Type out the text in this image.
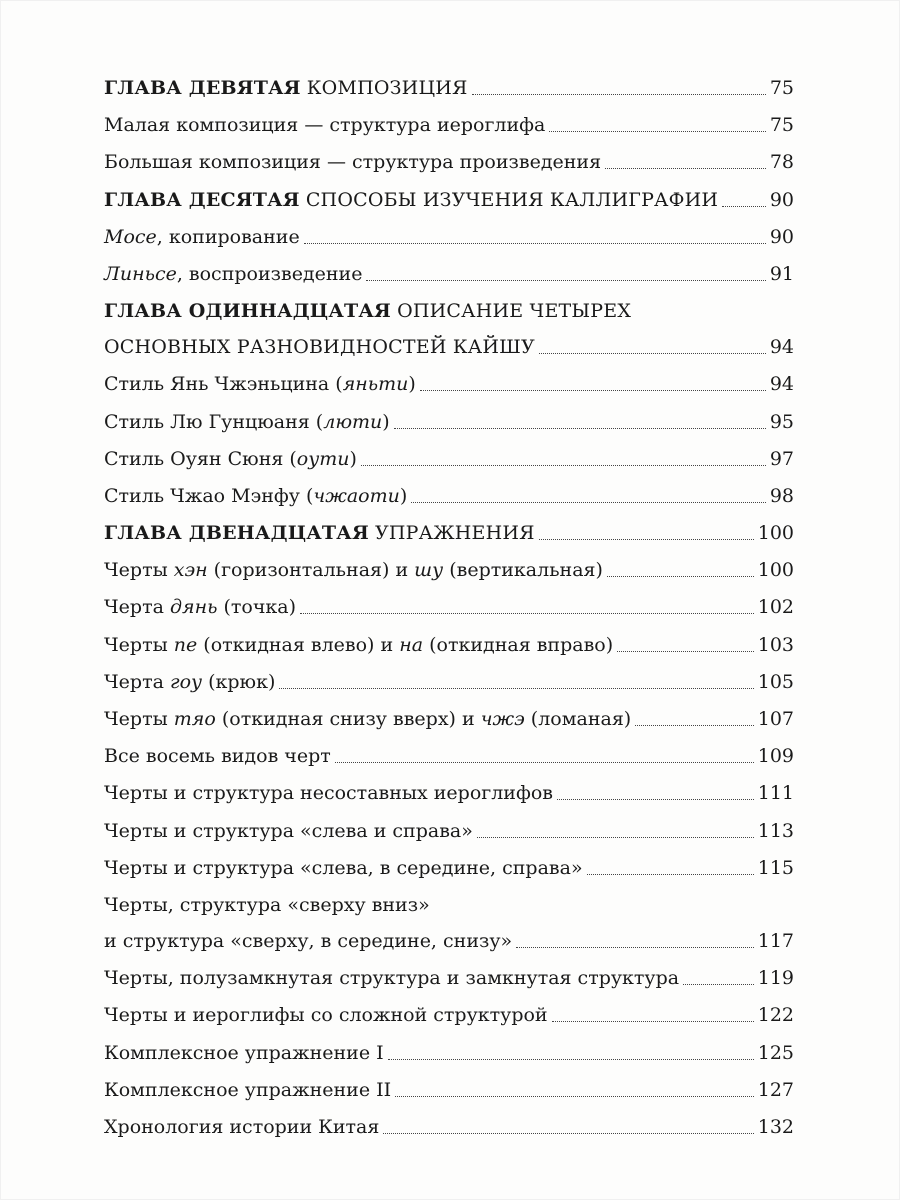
ГЛАВА ДЕВЯТАЯ КОМПОЗИЦИЯ	75
Малая композиция — структура иероглифа	75
Большая композиция — структура произведения	78
ГЛАВА ДЕСЯТАЯ СПОСОБЫ ИЗУЧЕНИЯ КАЛЛИГРАФИИ	90
Мосе, копирование	90
Линьсе, воспроизведение	91
ГЛАВА ОДИННАДЦАТАЯ ОПИСАНИЕ ЧЕТЫРЕХ
ОСНОВНЫХ РАЗНОВИДНОСТЕЙ КАЙШУ	94
Стиль Янь Чжэньцина (яньти)	94
Стиль Лю Гунцюаня (люти)	95
Стиль Оуян Сюня (оути)	97
Стиль Чжао Мэнфу (чжаоти)	98
ГЛАВА ДВЕНАДЦАТАЯ УПРАЖНЕНИЯ	100
Черты хэн (горизонтальная) и шу (вертикальная)	100
Черта дянь (точка)	102
Черты пе (откидная влево) и на (откидная вправо)	103
Черта гоу (крюк)	105
Черты тяо (откидная снизу вверх) и чжэ (ломаная)	107
Все восемь видов черт	109
Черты и структура несоставных иероглифов	111
Черты и структура «слева и справа»	113
Черты и структура «слева, в середине, справа»	115
Черты, структура «сверху вниз»
и структура «сверху, в середине, снизу»	117
Черты, полузамкнутая структура и замкнутая структура	119
Черты и иероглифы со сложной структурой	122
Комплексное упражнение I	125
Комплексное упражнение II	127
Хронология истории Китая	132
